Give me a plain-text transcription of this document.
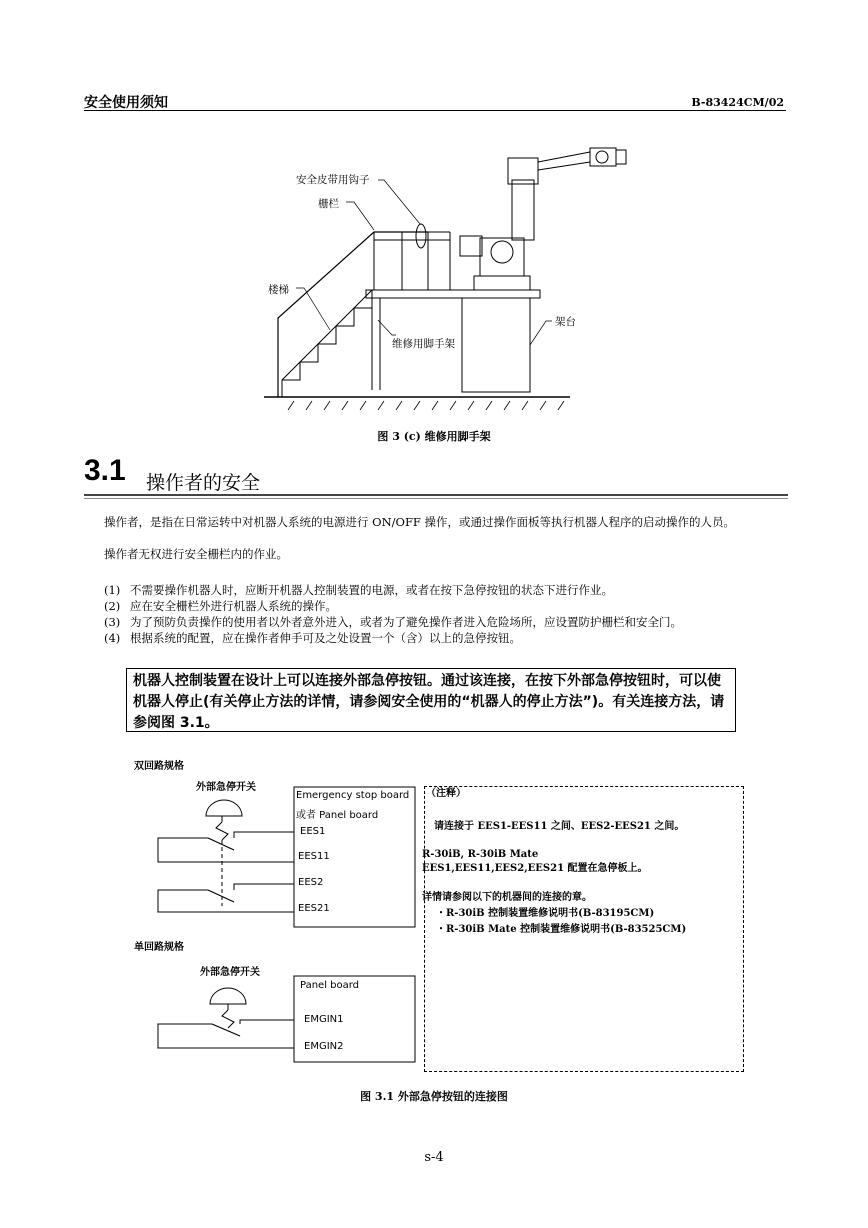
安全使用须知	B-83424CM/02
安全皮带用钩子
栅栏
楼梯
架台
维修用脚手架
图 3 (c) 维修用脚手架
3.1 操作者的安全
操作者，是指在日常运转中对机器人系统的电源进行 ON/OFF 操作，或通过操作面板等执行机器人程序的启动操作的人员。
操作者无权进行安全栅栏内的作业。
(1) 不需要操作机器人时，应断开机器人控制装置的电源，或者在按下急停按钮的状态下进行作业。
(2) 应在安全栅栏外进行机器人系统的操作。
(3) 为了预防负责操作的使用者以外者意外进入，或者为了避免操作者进入危险场所，应设置防护栅栏和安全门。
(4) 根据系统的配置，应在操作者伸手可及之处设置一个（含）以上的急停按钮。
机器人控制装置在设计上可以连接外部急停按钮。通过该连接，在按下外部急停按钮时，可以使机器人停止(有关停止方法的详情，请参阅安全使用的“机器人的停止方法”)。有关连接方法，请参阅图 3.1。
双回路规格
外部急停开关
单回路规格
外部急停开关
Emergency stop board
或者 Panel board
EES1
EES11
EES2
EES21
Panel board
EMGIN1
EMGIN2
（注释）
请连接于 EES1-EES11 之间、EES2-EES21 之间。
R-30iB, R-30iB Mate
EES1,EES11,EES2,EES21 配置在急停板上。
详情请参阅以下的机器间的连接的章。
・R-30iB 控制装置维修说明书(B-83195CM)
・R-30iB Mate 控制装置维修说明书(B-83525CM)
图 3.1 外部急停按钮的连接图
s-4
